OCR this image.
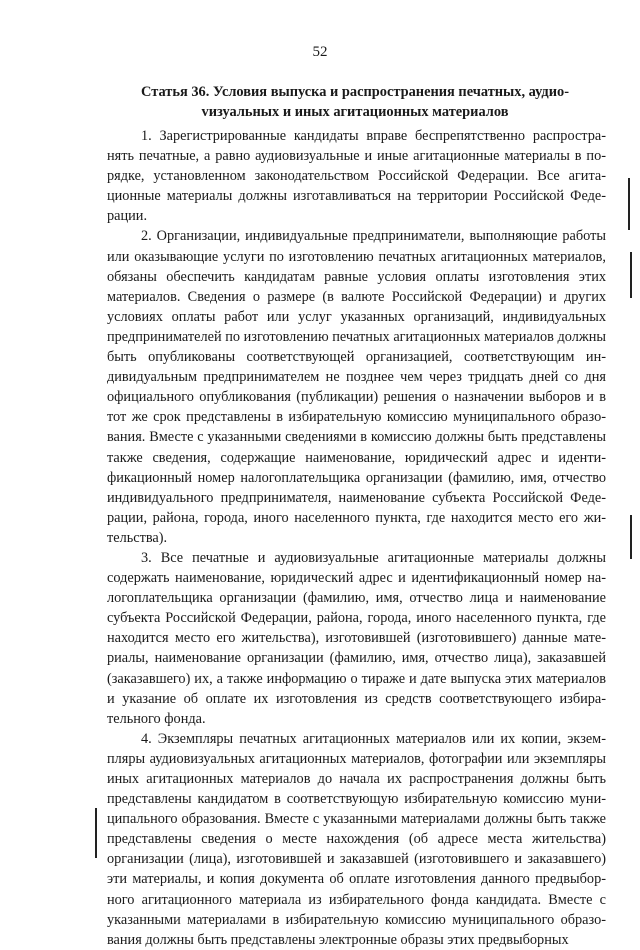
52

Статья 36. Условия выпуска и распространения печатных, аудиоvизуальных и иных агитационных материалов

1. Зарегистрированные кандидаты вправе беспрепятственно распространять печатные, а равно аудиовизуальные и иные агитационные материалы в порядке, установленном законодательством Российской Федерации. Все агитационные материалы должны изготавливаться на территории Российской Федерации.

2. Организации, индивидуальные предприниматели, выполняющие работы или оказывающие услуги по изготовлению печатных агитационных материалов, обязаны обеспечить кандидатам равные условия оплаты изготовления этих материалов. Сведения о размере (в валюте Российской Федерации) и других условиях оплаты работ или услуг указанных организаций, индивидуальных предпринимателей по изготовлению печатных агитационных материалов должны быть опубликованы соответствующей организацией, соответствующим индивидуальным предпринимателем не позднее чем через тридцать дней со дня официального опубликования (публикации) решения о назначении выборов и в тот же срок представлены в избирательную комиссию муниципального образования. Вместе с указанными сведениями в комиссию должны быть представлены также сведения, содержащие наименование, юридический адрес и идентификационный номер налогоплательщика организации (фамилию, имя, отчество индивидуального предпринимателя, наименование субъекта Российской Федерации, района, города, иного населенного пункта, где находится место его жительства).

3. Все печатные и аудиовизуальные агитационные материалы должны содержать наименование, юридический адрес и идентификационный номер налогоплательщика организации (фамилию, имя, отчество лица и наименование субъекта Российской Федерации, района, города, иного населенного пункта, где находится место его жительства), изготовившей (изготовившего) данные материалы, наименование организации (фамилию, имя, отчество лица), заказавшей (заказавшего) их, а также информацию о тираже и дате выпуска этих материалов и указание об оплате их изготовления из средств соответствующего избирательного фонда.

4. Экземпляры печатных агитационных материалов или их копии, экземпляры аудиовизуальных агитационных материалов, фотографии или экземпляры иных агитационных материалов до начала их распространения должны быть представлены кандидатом в соответствующую избирательную комиссию муниципального образования. Вместе с указанными материалами должны быть также представлены сведения о месте нахождения (об адресе места жительства) организации (лица), изготовившей и заказавшей (изготовившего и заказавшего) эти материалы, и копия документа об оплате изготовления данного предвыборного агитационного материала из избирательного фонда кандидата. Вместе с указанными материалами в избирательную комиссию муниципального образования должны быть представлены электронные образы этих предвыборных
